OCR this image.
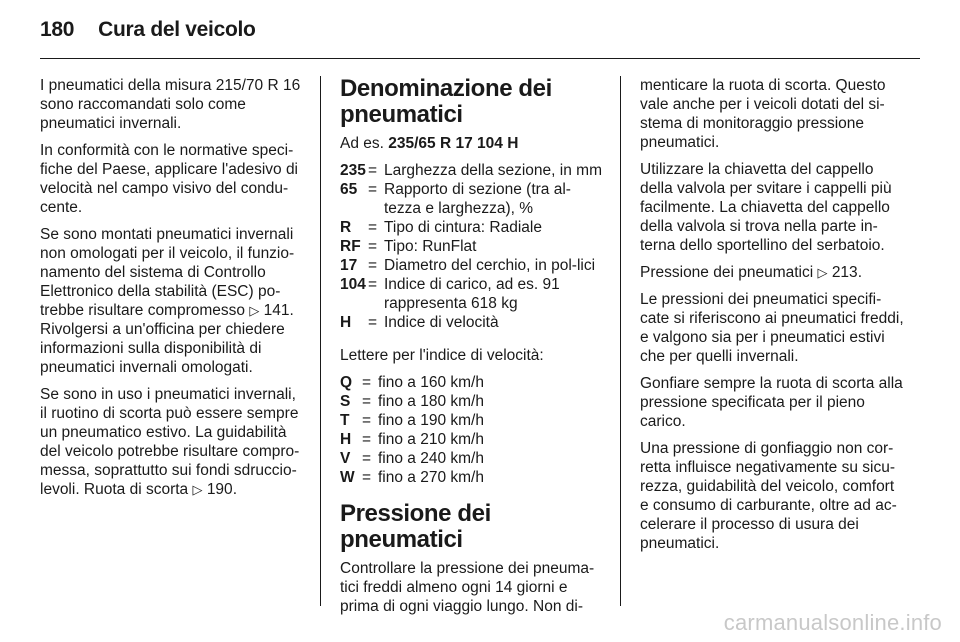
180 Cura del veicolo

I pneumatici della misura 215/70 R 16 sono raccomandati solo come pneumatici invernali.

In conformità con le normative speci-fiche del Paese, applicare l'adesivo di velocità nel campo visivo del condu-cente.

Se sono montati pneumatici invernali non omologati per il veicolo, il funzio-namento del sistema di Controllo Elettronico della stabilità (ESC) po-trebbe risultare compromesso ▷ 141. Rivolgersi a un'officina per chiedere informazioni sulla disponibilità di pneumatici invernali omologati.

Se sono in uso i pneumatici invernali, il ruotino di scorta può essere sempre un pneumatico estivo. La guidabilità del veicolo potrebbe risultare compro-messa, soprattutto sui fondi sdruccio-levoli. Ruota di scorta ▷ 190.

Denominazione dei pneumatici

Ad es. 235/65 R 17 104 H

235 = Larghezza della sezione, in mm
65 = Rapporto di sezione (tra al-tezza e larghezza), %
R	= Tipo di cintura: Radiale
RF = Tipo: RunFlat
17 = Diametro del cerchio, in pol-lici
104 = Indice di carico, ad es. 91 rappresenta 618 kg
H	= Indice di velocità

Lettere per l'indice di velocità:

Q = fino a 160 km/h
S = fino a 180 km/h
T = fino a 190 km/h
H = fino a 210 km/h
V = fino a 240 km/h
W = fino a 270 km/h
Pressione dei pneumatici

Controllare la pressione dei pneuma-tici freddi almeno ogni 14 giorni e prima di ogni viaggio lungo. Non di-

menticare la ruota di scorta. Questo vale anche per i veicoli dotati del si-stema di monitoraggio pressione pneumatici.

Utilizzare la chiavetta del cappello della valvola per svitare i cappelli più facilmente. La chiavetta del cappello della valvola si trova nella parte in-terna dello sportellino del serbatoio.

Pressione dei pneumatici ▷ 213.

Le pressioni dei pneumatici specifi-cate si riferiscono ai pneumatici freddi, e valgono sia per i pneumatici estivi che per quelli invernali.

Gonfiare sempre la ruota di scorta alla pressione specificata per il pieno carico.

Una pressione di gonfiaggio non cor-retta influisce negativamente su sicu-rezza, guidabilità del veicolo, comfort e consumo di carburante, oltre ad ac-celerare il processo di usura dei pneumatici.

carmanualsonline.info
